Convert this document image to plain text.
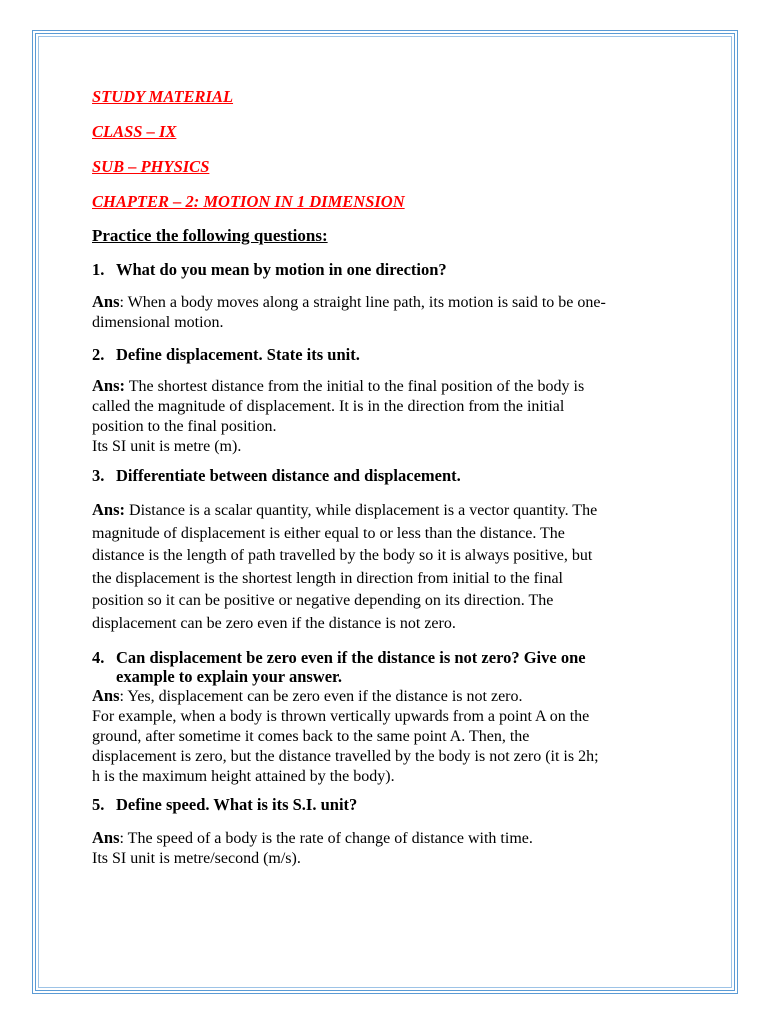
STUDY MATERIAL
CLASS – IX
SUB – PHYSICS
CHAPTER – 2: MOTION IN 1 DIMENSION
Practice the following questions:
1. What do you mean by motion in one direction?
Ans: When a body moves along a straight line path, its motion is said to be one-
dimensional motion.
2. Define displacement. State its unit.
Ans: The shortest distance from the initial to the final position of the body is
called the magnitude of displacement. It is in the direction from the initial
position to the final position.
Its SI unit is metre (m).
3. Differentiate between distance and displacement.
Ans: Distance is a scalar quantity, while displacement is a vector quantity. The
magnitude of displacement is either equal to or less than the distance. The
distance is the length of path travelled by the body so it is always positive, but
the displacement is the shortest length in direction from initial to the final
position so it can be positive or negative depending on its direction. The
displacement can be zero even if the distance is not zero.
4. Can displacement be zero even if the distance is not zero? Give one
example to explain your answer.
Ans: Yes, displacement can be zero even if the distance is not zero.
For example, when a body is thrown vertically upwards from a point A on the
ground, after sometime it comes back to the same point A. Then, the
displacement is zero, but the distance travelled by the body is not zero (it is 2h;
h is the maximum height attained by the body).
5. Define speed. What is its S.I. unit?
Ans: The speed of a body is the rate of change of distance with time.
Its SI unit is metre/second (m/s).
